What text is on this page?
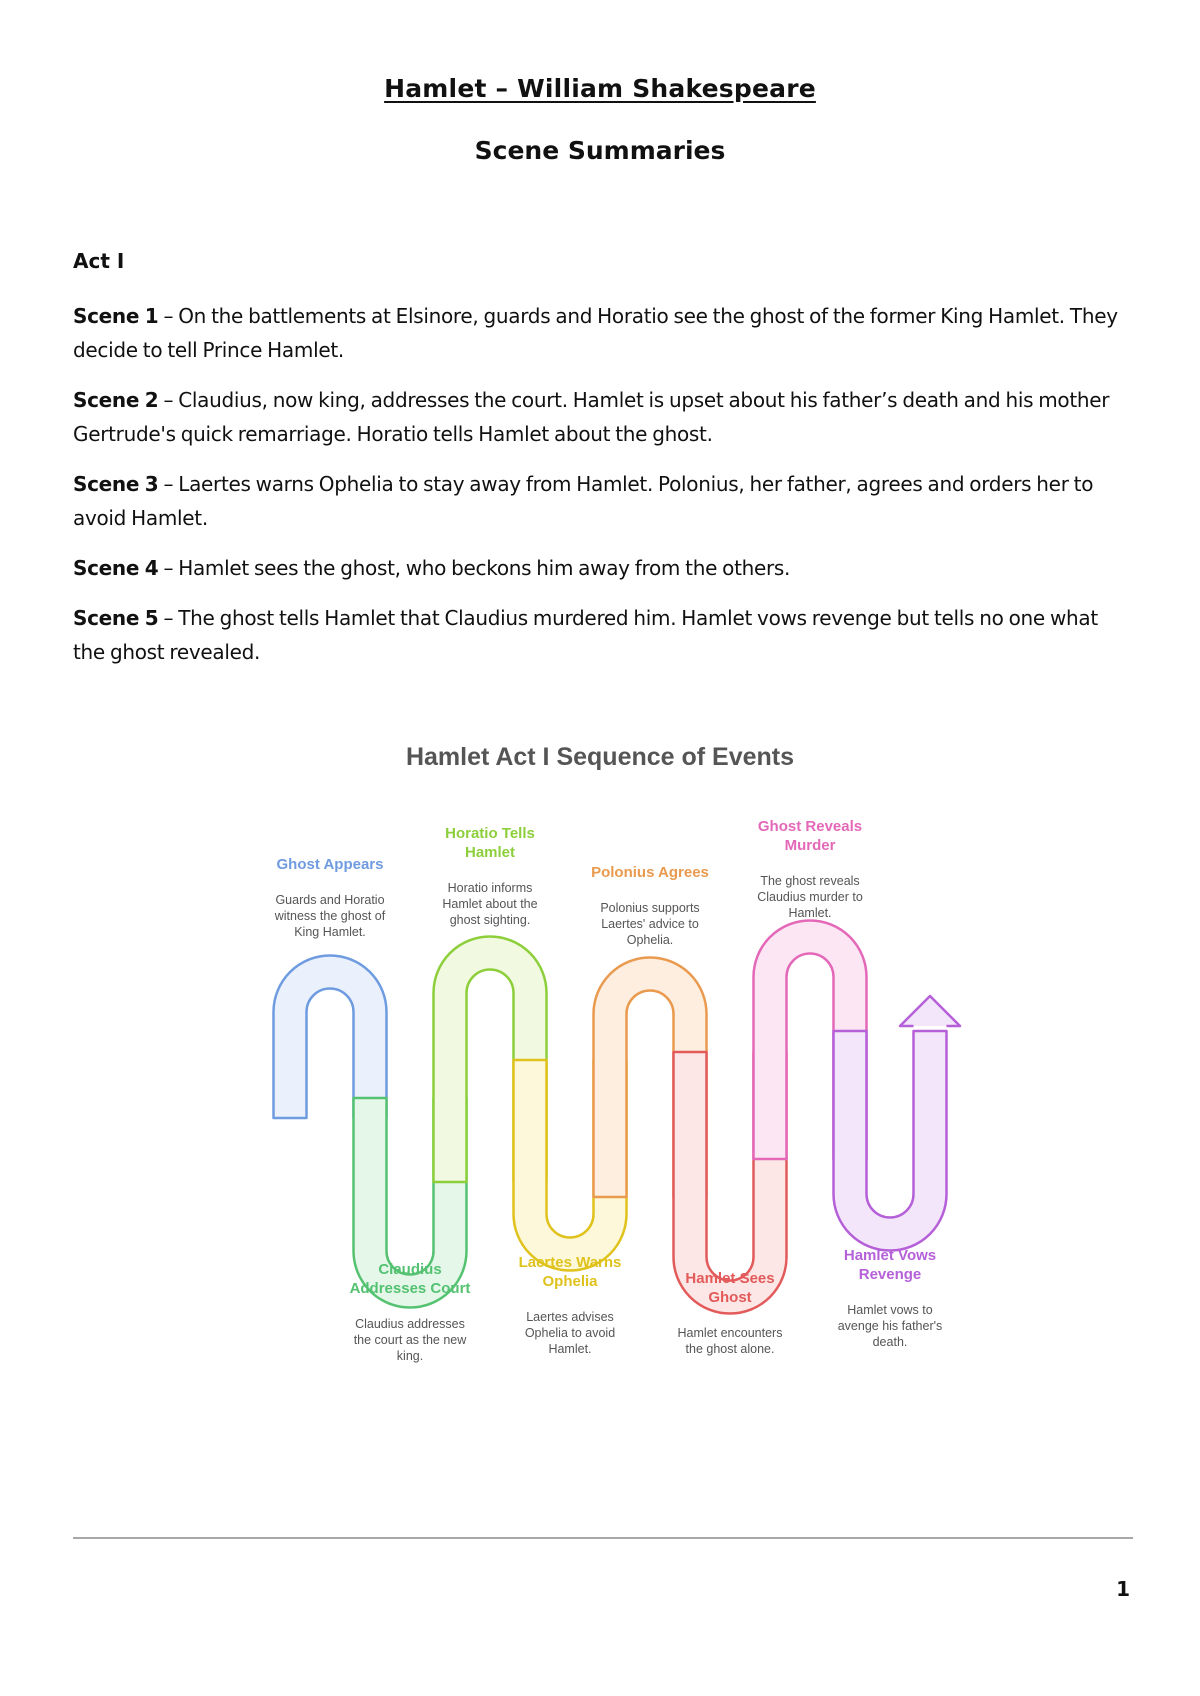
Hamlet – William Shakespeare
Scene Summaries
Act I

Scene 1 – On the battlements at Elsinore, guards and Horatio see the ghost of the former King Hamlet. They decide to tell Prince Hamlet.

Scene 2 – Claudius, now king, addresses the court. Hamlet is upset about his father’s death and his mother Gertrude's quick remarriage. Horatio tells Hamlet about the ghost.

Scene 3 – Laertes warns Ophelia to stay away from Hamlet. Polonius, her father, agrees and orders her to avoid Hamlet.

Scene 4 – Hamlet sees the ghost, who beckons him away from the others.

Scene 5 – The ghost tells Hamlet that Claudius murdered him. Hamlet vows revenge but tells no one what the ghost revealed.

Hamlet Act I Sequence of Events
Ghost Appears
Guards and Horatio
witness the ghost of
King Hamlet.
Claudius
Addresses Court
Claudius addresses
the court as the new
king.
Horatio Tells
Hamlet
Horatio informs
Hamlet about the
ghost sighting.
Laertes Warns
Ophelia
Laertes advises
Ophelia to avoid
Hamlet.
Polonius Agrees
Polonius supports
Laertes' advice to
Ophelia.
Hamlet Sees
Ghost
Hamlet encounters
the ghost alone.
Ghost Reveals
Murder
The ghost reveals
Claudius murder to
Hamlet.
Hamlet Vows
Revenge
Hamlet vows to
avenge his father's
death.
1
